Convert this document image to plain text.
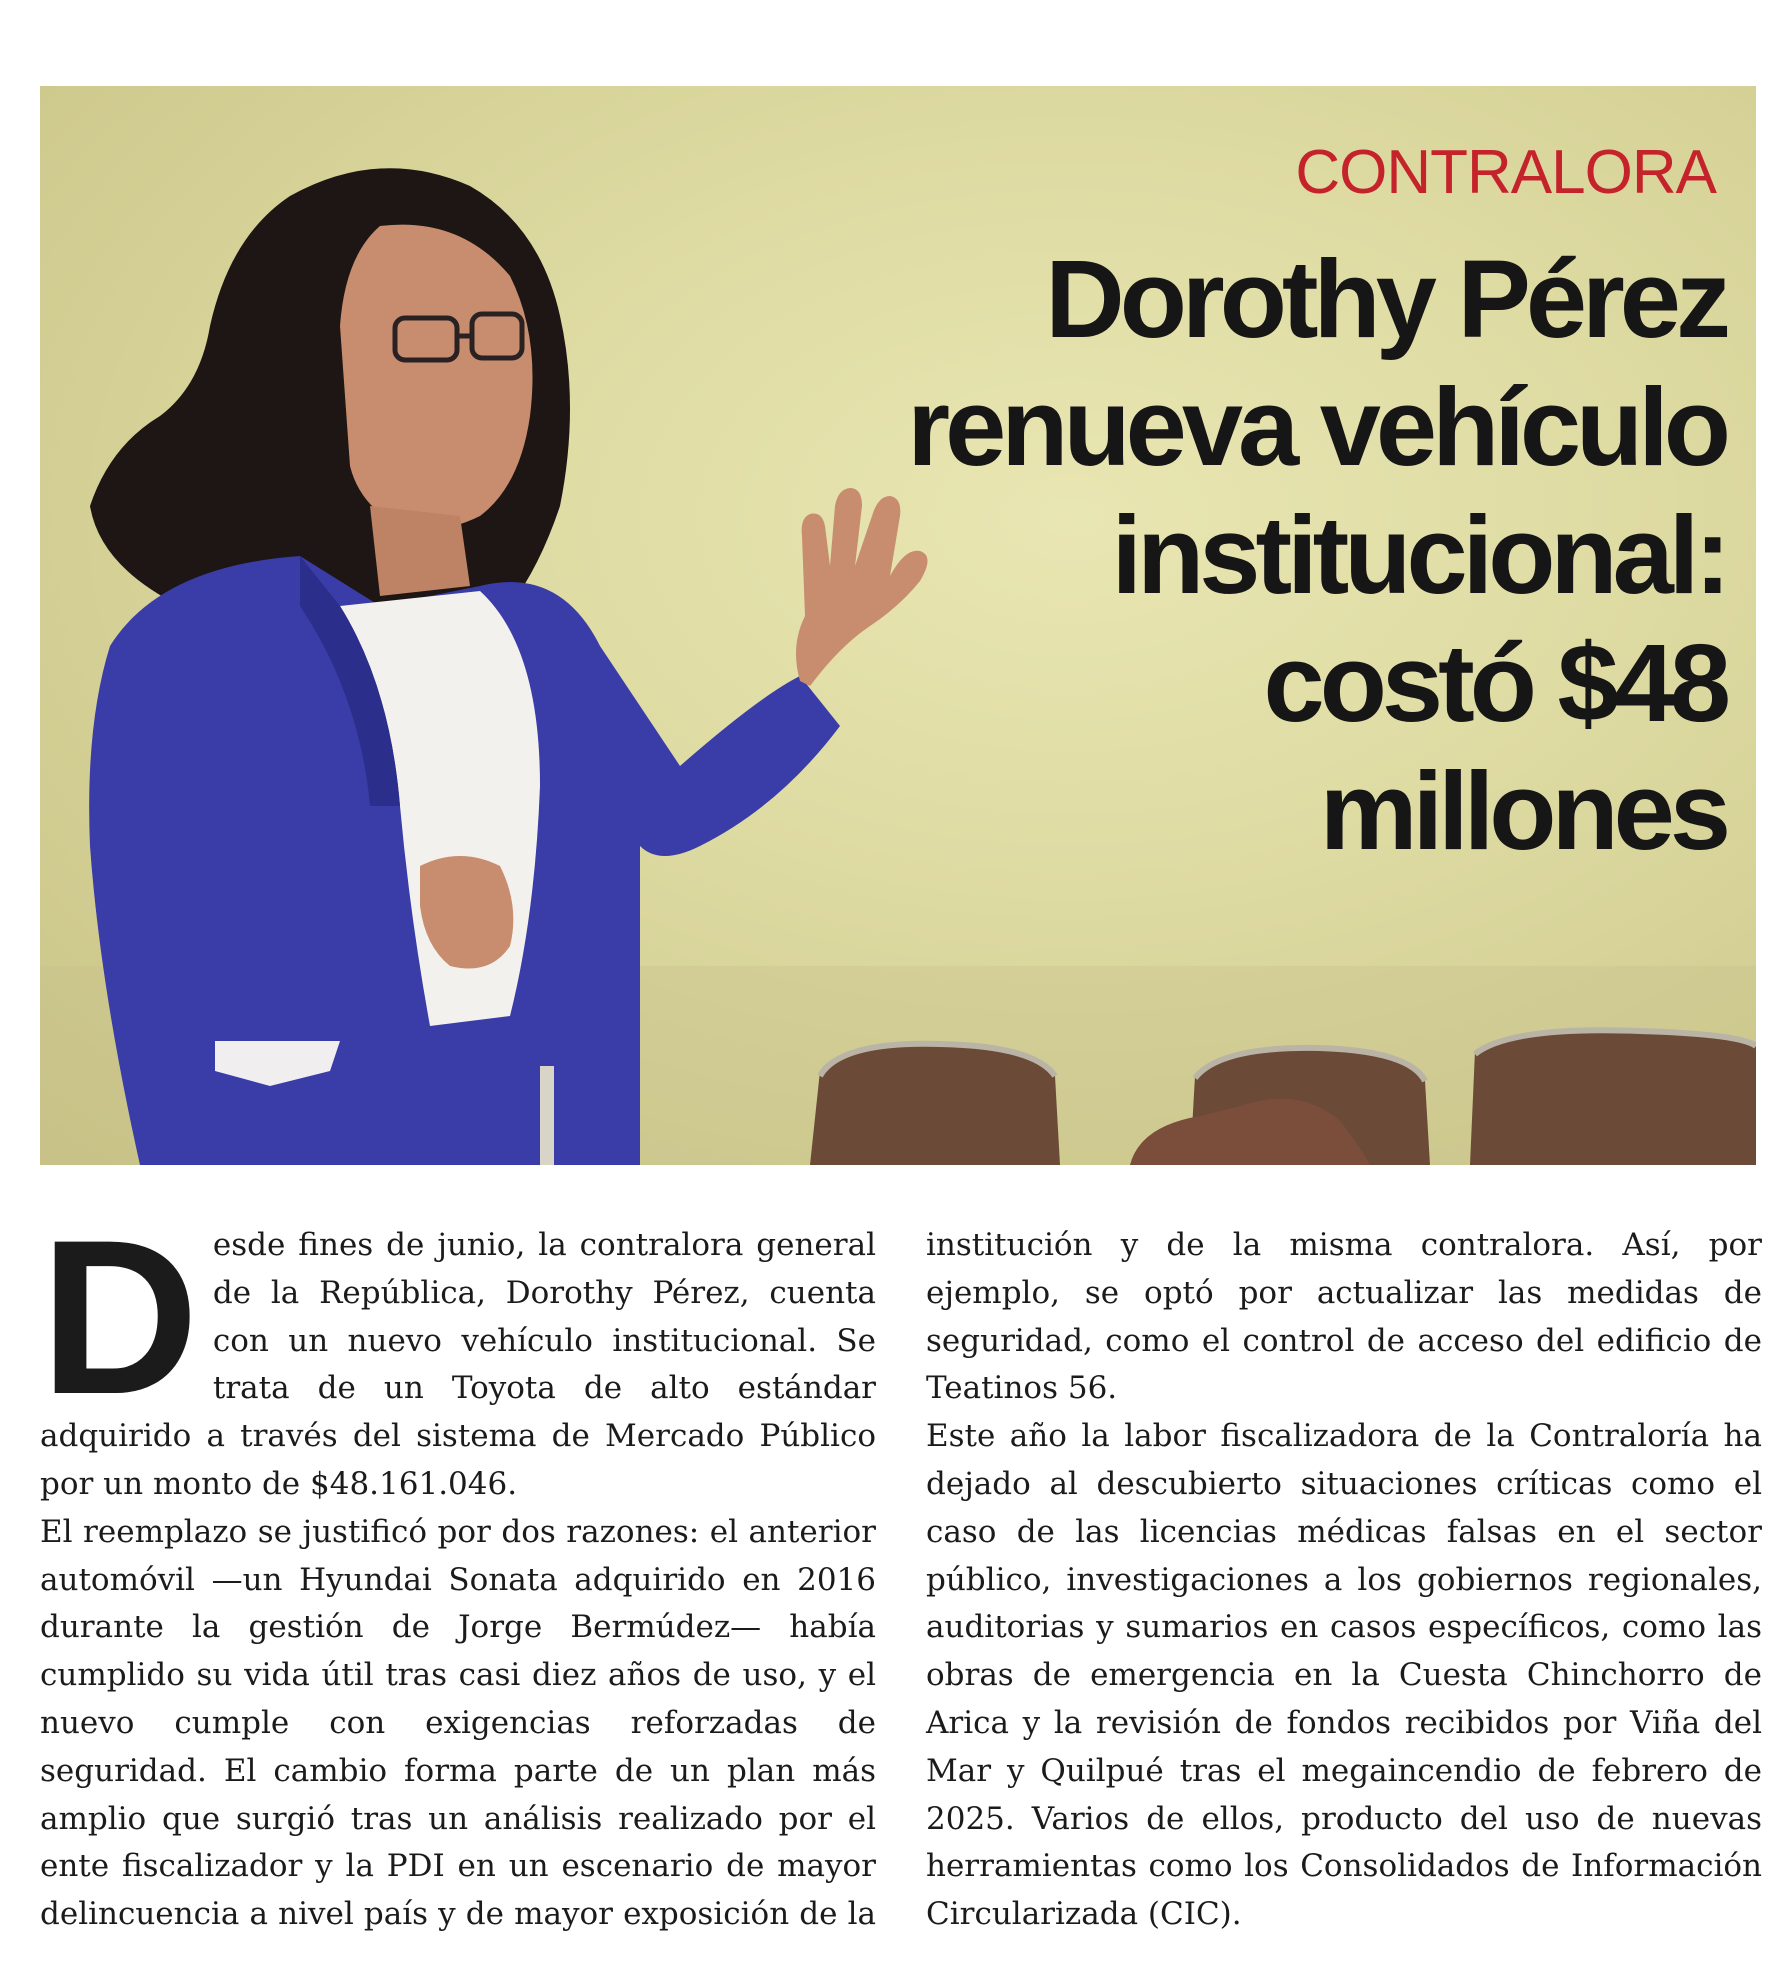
CONTRALORA
Dorothy Pérez
renueva vehículo
institucional:
costó $48
millones

Desde fines de junio, la contralora general de la República, Dorothy Pérez, cuenta con un nuevo vehículo institucional. Se trata de un Toyota de alto estándar adquirido a través del sistema de Mercado Público por un monto de $48.161.046.

El reemplazo se justificó por dos razones: el anterior automóvil —un Hyundai Sonata adquirido en 2016 durante la gestión de Jorge Bermúdez— había cumplido su vida útil tras casi diez años de uso, y el nuevo cumple con exigencias reforzadas de seguridad. El cambio forma parte de un plan más amplio que surgió tras un análisis realizado por el ente fiscalizador y la PDI en un escenario de mayor delincuencia a nivel país y de mayor exposición de la institución y de la misma contralora. Así, por ejemplo, se optó por actualizar las medidas de seguridad, como el control de acceso del edificio de Teatinos 56.

Este año la labor fiscalizadora de la Contraloría ha dejado al descubierto situaciones críticas como el caso de las licencias médicas falsas en el sector público, investigaciones a los gobiernos regionales, auditorias y sumarios en casos específicos, como las obras de emergencia en la Cuesta Chinchorro de Arica y la revisión de fondos recibidos por Viña del Mar y Quilpué tras el megaincendio de febrero de 2025. Varios de ellos, producto del uso de nuevas herramientas como los Consolidados de Información Circularizada (CIC).
